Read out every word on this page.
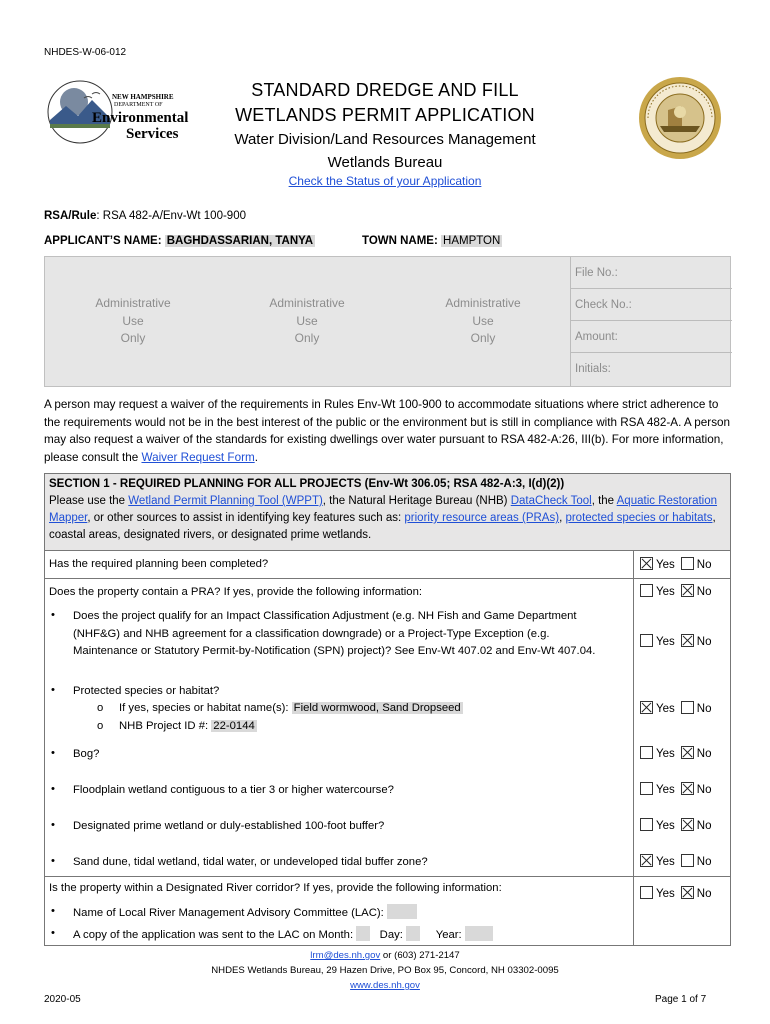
NHDES-W-06-012
NEW HAMPSHIRE
DEPARTMENT OF
Environmental
Services
STANDARD DREDGE AND FILL
WETLANDS PERMIT APPLICATION
Water Division/Land Resources Management
Wetlands Bureau
Check the Status of your Application
RSA/Rule: RSA 482-A/Env-Wt 100-900
APPLICANT’S NAME: BAGHDASSARIAN, TANYA	TOWN NAME: HAMPTON
Administrative
Use
Only
Administrative
Use
Only
Administrative
Use
Only
File No.:
Check No.:
Amount:
Initials:
A person may request a waiver of the requirements in Rules Env-Wt 100-900 to accommodate situations where strict adherence to the requirements would not be in the best interest of the public or the environment but is still in compliance with RSA 482-A. A person may also request a waiver of the standards for existing dwellings over water pursuant to RSA 482-A:26, III(b). For more information, please consult the Waiver Request Form.
SECTION 1 - REQUIRED PLANNING FOR ALL PROJECTS (Env-Wt 306.05; RSA 482-A:3, I(d)(2))
Please use the Wetland Permit Planning Tool (WPPT), the Natural Heritage Bureau (NHB) DataCheck Tool, the Aquatic Restoration Mapper, or other sources to assist in identifying key features such as: priority resource areas (PRAs), protected species or habitats, coastal areas, designated rivers, or designated prime wetlands.
Has the required planning been completed?	Yes No
Does the property contain a PRA? If yes, provide the following information:	Yes No
• Does the project qualify for an Impact Classification Adjustment (e.g. NH Fish and Game Department (NHF&G) and NHB agreement for a classification downgrade) or a Project-Type Exception (e.g. Maintenance or Statutory Permit-by-Notification (SPN) project)? See Env-Wt 407.02 and Env-Wt 407.04.
Yes No
• Protected species or habitat?
o If yes, species or habitat name(s): Field wormwood, Sand Dropseed
o NHB Project ID #: 22-0144
Yes No
• Bog?	Yes No
• Floodplain wetland contiguous to a tier 3 or higher watercourse?	Yes No
• Designated prime wetland or duly-established 100-foot buffer?	Yes No
• Sand dune, tidal wetland, tidal water, or undeveloped tidal buffer zone?	Yes No
Is the property within a Designated River corridor? If yes, provide the following information:	Yes No
• Name of Local River Management Advisory Committee (LAC):
• A copy of the application was sent to the LAC on Month:    Day:	Year:
lrm@des.nh.gov or (603) 271-2147
NHDES Wetlands Bureau, 29 Hazen Drive, PO Box 95, Concord, NH 03302-0095
www.des.nh.gov
2020-05	Page 1 of 7
